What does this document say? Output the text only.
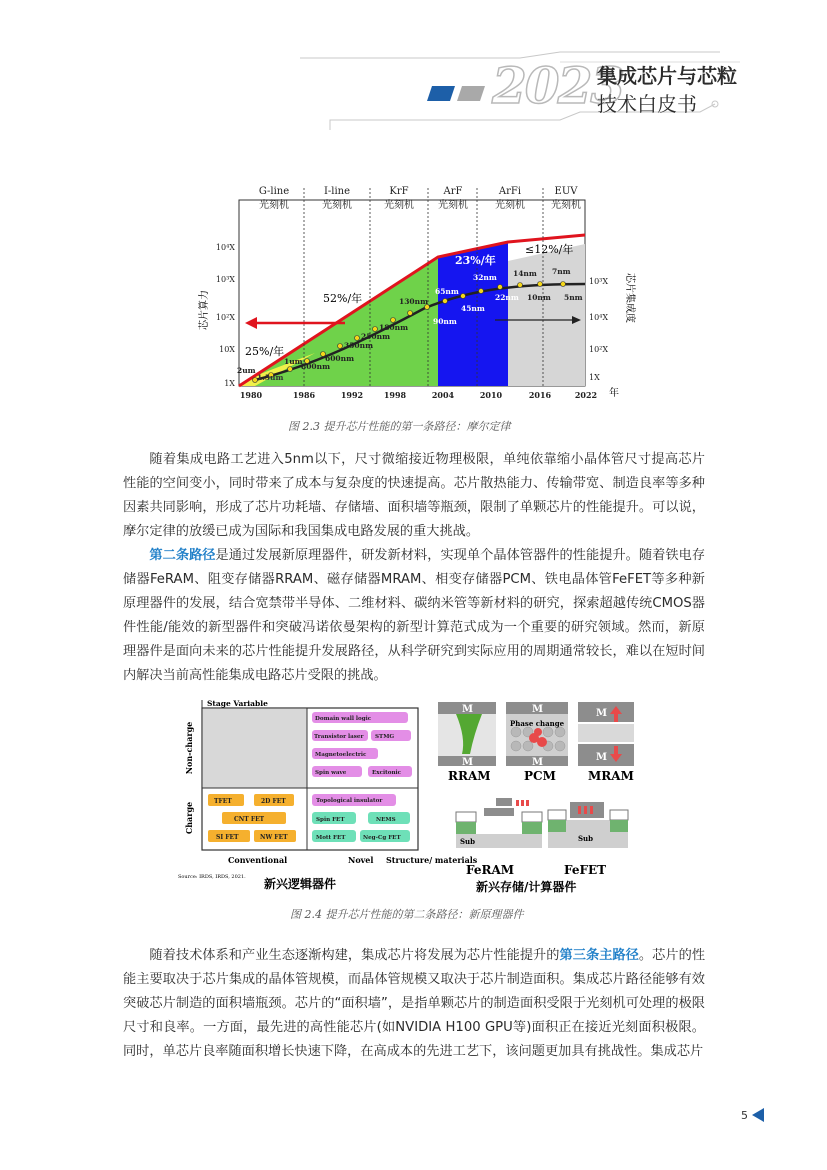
2023
集成芯片与芯粒
技术白皮书
G-line
光刻机
I-line
光刻机
KrF
光刻机
ArF
光刻机
ArFi
光刻机
EUV
光刻机
1X
10X
10²X
10³X
10⁴X
芯片算力
1X
10²X
10⁴X
10³X 芯片集成度
1980	1986	1992	1998	2004	2010	2016	2022 年
25%/年
52%/年
23%/年
≤12%/年
2um
1.5um
1um
800nm
600nm
350nm
250nm
180nm
130nm
90nm
65nm
45nm
32nm
22nm
14nm
10nm
7nm
5nm
图 2.3 提升芯片性能的第一条路径：摩尔定律
随着集成电路工艺进入5nm以下，尺寸微缩接近物理极限，单纯依靠缩小晶体管尺寸提高芯片性能的空间变小，同时带来了成本与复杂度的快速提高。芯片散热能力、传输带宽、制造良率等多种因素共同影响，形成了芯片功耗墙、存储墙、面积墙等瓶颈，限制了单颗芯片的性能提升。可以说，摩尔定律的放缓已成为国际和我国集成电路发展的重大挑战。
第二条路径是通过发展新原理器件，研发新材料，实现单个晶体管器件的性能提升。随着铁电存储器FeRAM、阻变存储器RRAM、磁存储器MRAM、相变存储器PCM、铁电晶体管FeFET等多种新原理器件的发展，结合宽禁带半导体、二维材料、碳纳米管等新材料的研究，探索超越传统CMOS器件性能/能效的新型器件和突破冯诺依曼架构的新型计算范式成为一个重要的研究领域。然而，新原理器件是面向未来的芯片性能提升发展路径，从科学研究到实际应用的周期通常较长，难以在短时间内解决当前高性能集成电路芯片受限的挑战。
Stage Variable
Non-charge
Charge
Domain wall logic
Transistor laser STMG
Magnetoelectric
Spin wave	Excitonic
TFET	2D FET
CNT FET
SI FET	NW FET
Topological insulator
Spin FET	NEMS
Mott FET	Neg-Cg FET
Conventional	Novel Structure/ materials
Source: IRDS, IRDS, 2021. 新兴逻辑器件
M
M
RRAM
Phase change
M
M
PCM
M
M
MRAM
Sub
FeRAM
Sub
FeFET
新兴存储/计算器件
图 2.4 提升芯片性能的第二条路径：新原理器件
随着技术体系和产业生态逐渐构建，集成芯片将发展为芯片性能提升的第三条主路径。芯片的性能主要取决于芯片集成的晶体管规模，而晶体管规模又取决于芯片制造面积。集成芯片路径能够有效突破芯片制造的面积墙瓶颈。芯片的“面积墙”，是指单颗芯片的制造面积受限于光刻机可处理的极限尺寸和良率。一方面，最先进的高性能芯片(如NVIDIA H100 GPU等)面积正在接近光刻面积极限。同时，单芯片良率随面积增长快速下降，在高成本的先进工艺下，该问题更加具有挑战性。集成芯片
5
